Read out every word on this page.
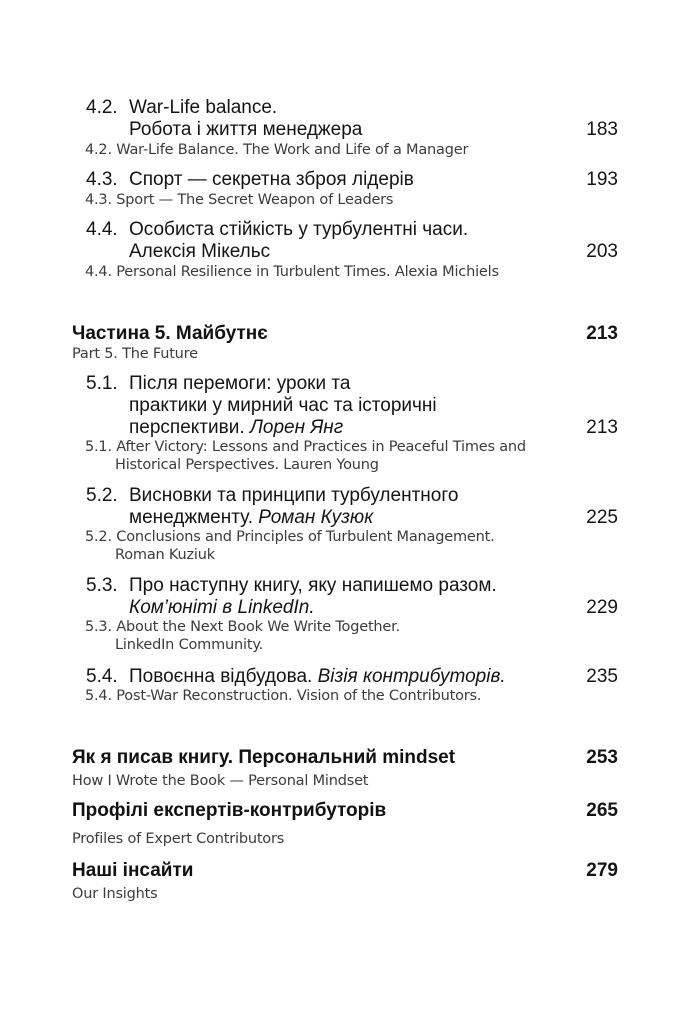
4.2. War-Life balance.
Робота і життя менеджера	183
4.2. War-Life Balance. The Work and Life of a Manager
4.3. Спорт — секретна зброя лідерів	193
4.3. Sport — The Secret Weapon of Leaders
4.4. Особиста стійкість у турбулентні часи.
Алексія Мікельс	203
4.4. Personal Resilience in Turbulent Times. Alexia Michiels
Частина 5. Майбутнє	213
Part 5. The Future
5.1. Після перемоги: уроки та
практики у мирний час та історичні
перспективи. Лорен Янг	213
5.1. After Victory: Lessons and Practices in Peaceful Times and
Historical Perspectives. Lauren Young
5.2. Висновки та принципи турбулентного
менеджменту. Роман Кузюк	225
5.2. Conclusions and Principles of Turbulent Management.
Roman Kuziuk
5.3. Про наступну книгу, яку напишемо разом.
Ком’юніті в LinkedIn.	229
5.3. About the Next Book We Write Together.
LinkedIn Community.
5.4. Повоєнна відбудова. Візія контрибуторів.	235
5.4. Post-War Reconstruction. Vision of the Contributors.
Як я писав книгу. Персональний mindset	253
How I Wrote the Book — Personal Mindset
Профілі експертів-контрибуторів	265
Profiles of Expert Contributors
Наші інсайти	279
Our Insights
